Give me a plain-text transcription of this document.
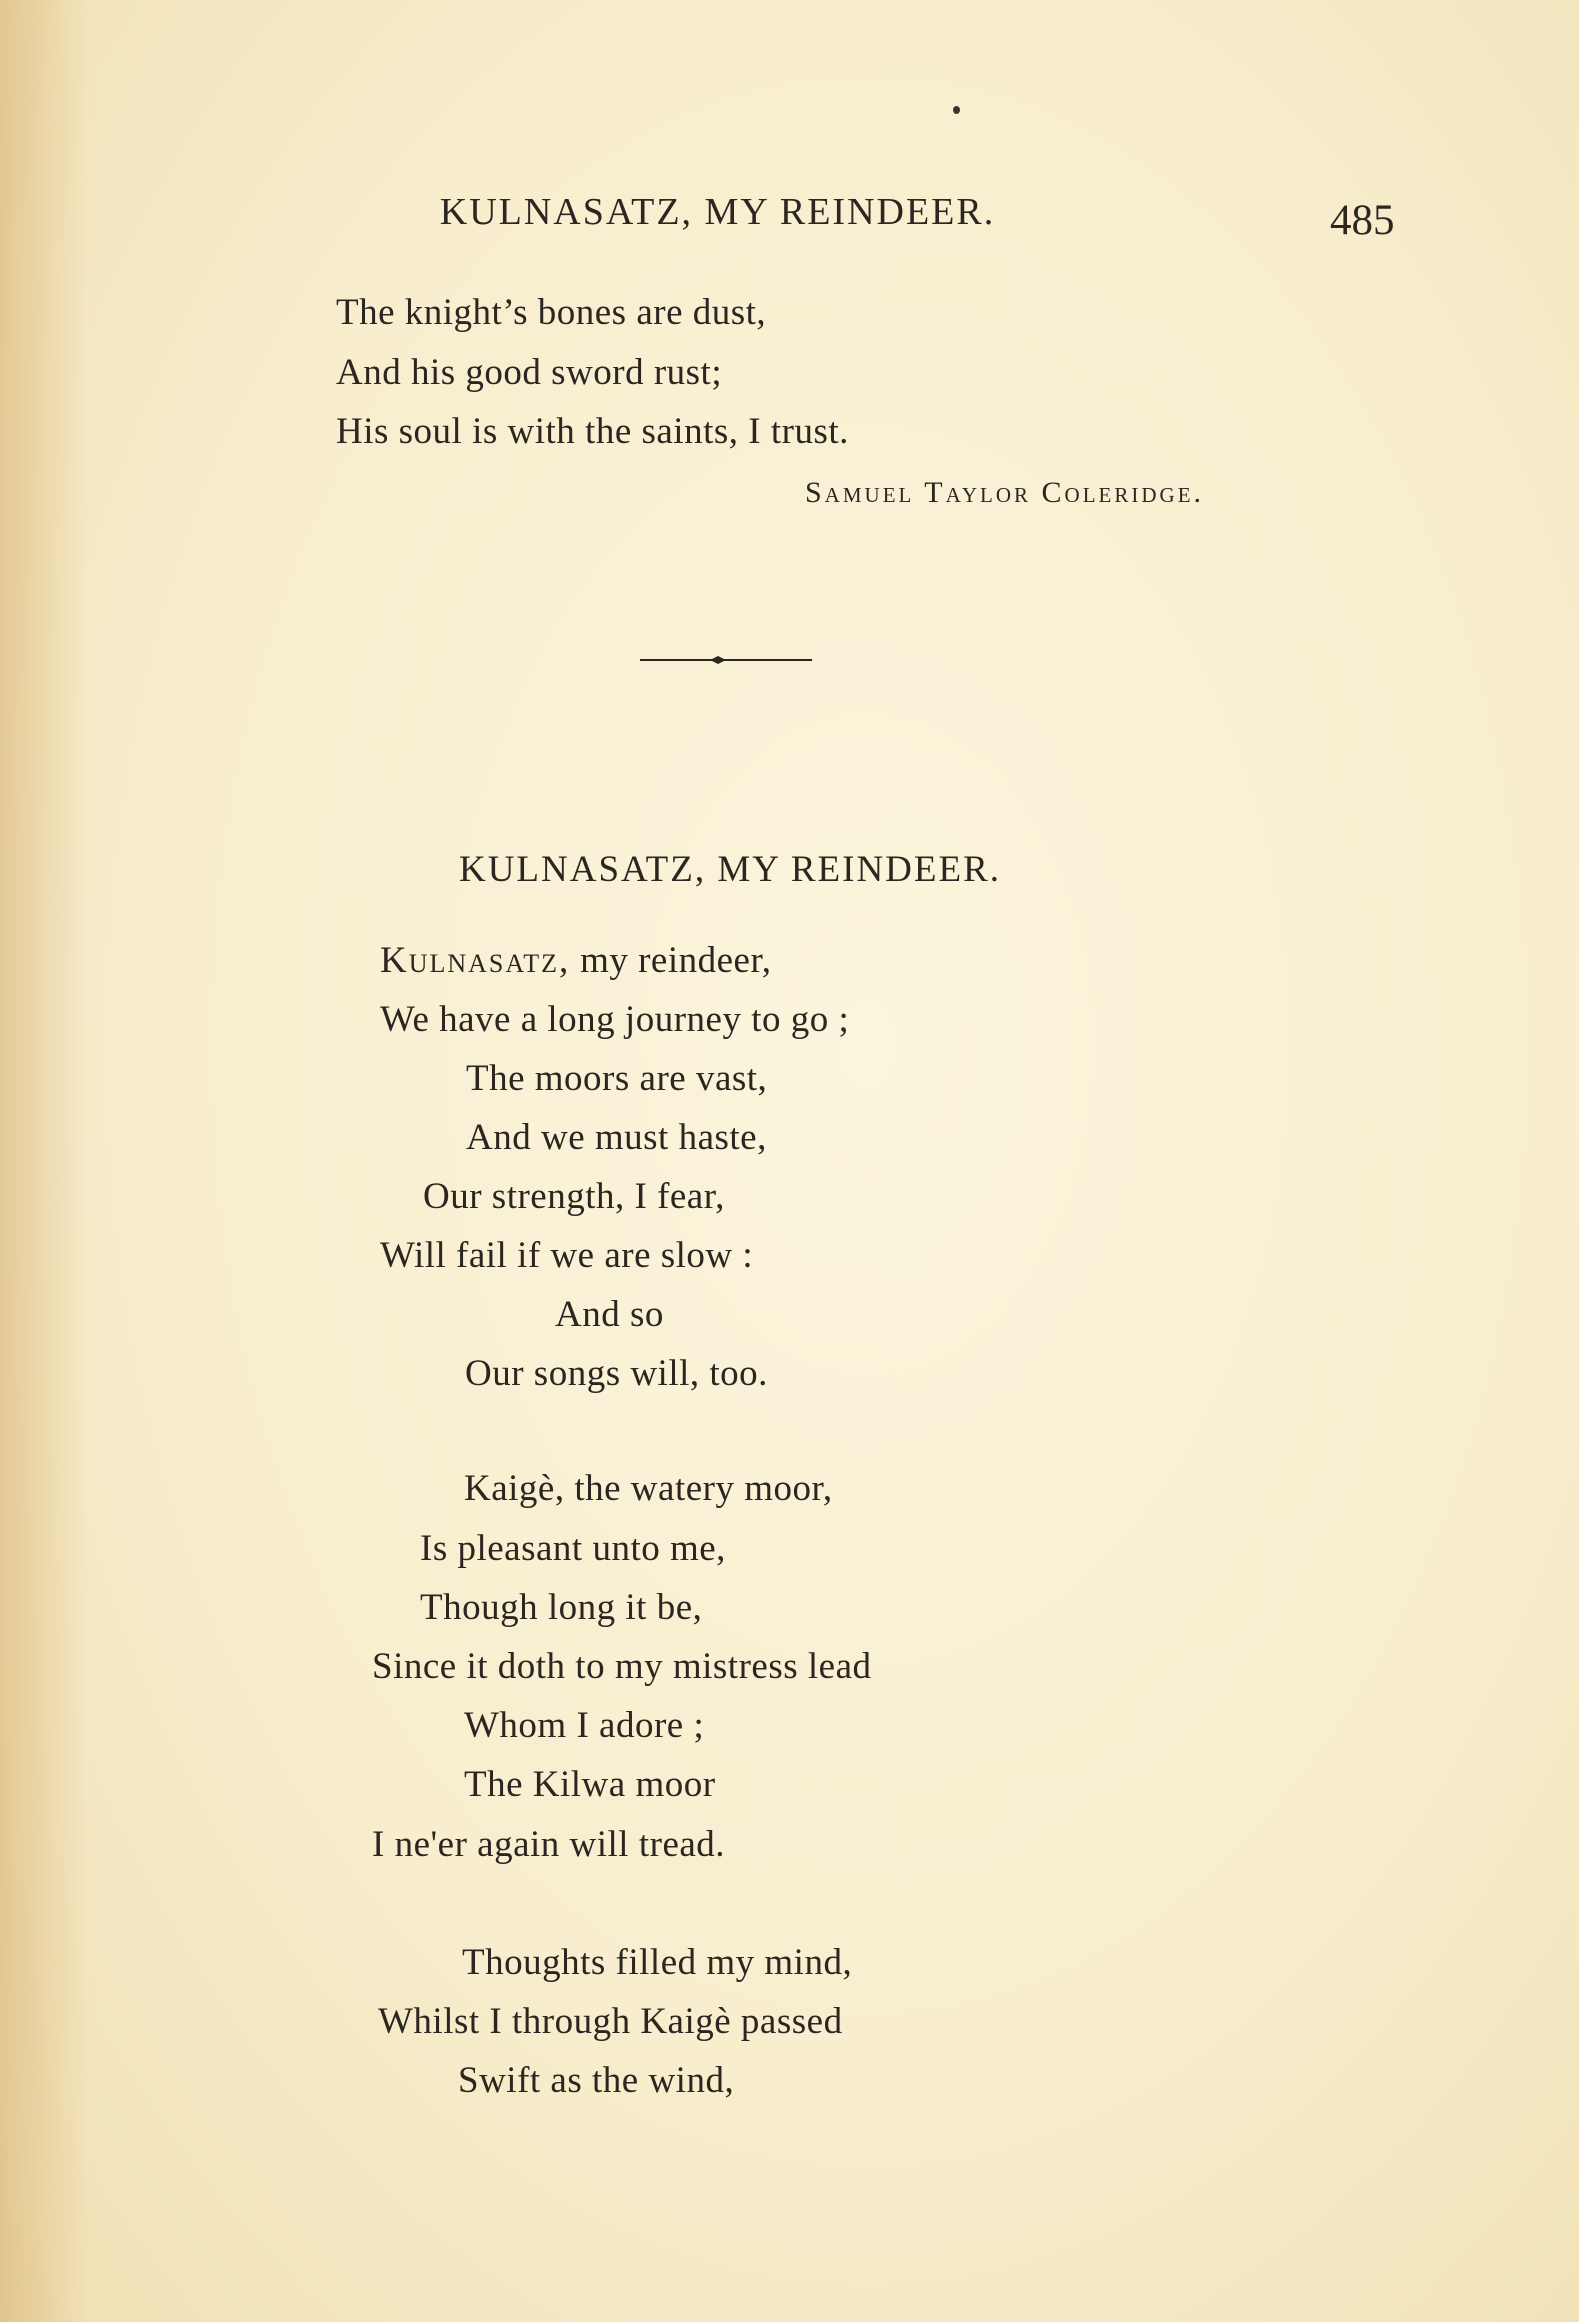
KULNASATZ, MY REINDEER.	485
The knight’s bones are dust,
And his good sword rust;
His soul is with the saints, I trust.
Samuel Taylor Coleridge.
KULNASATZ, MY REINDEER.
Kulnasatz, my reindeer,
We have a long journey to go ;
The moors are vast,
And we must haste,
Our strength, I fear,
Will fail if we are slow :
And so
Our songs will, too.
Kaigè, the watery moor,
Is pleasant unto me,
Though long it be,
Since it doth to my mistress lead
Whom I adore ;
The Kilwa moor
I ne'er again will tread.
Thoughts filled my mind,
Whilst I through Kaigè passed
Swift as the wind,
